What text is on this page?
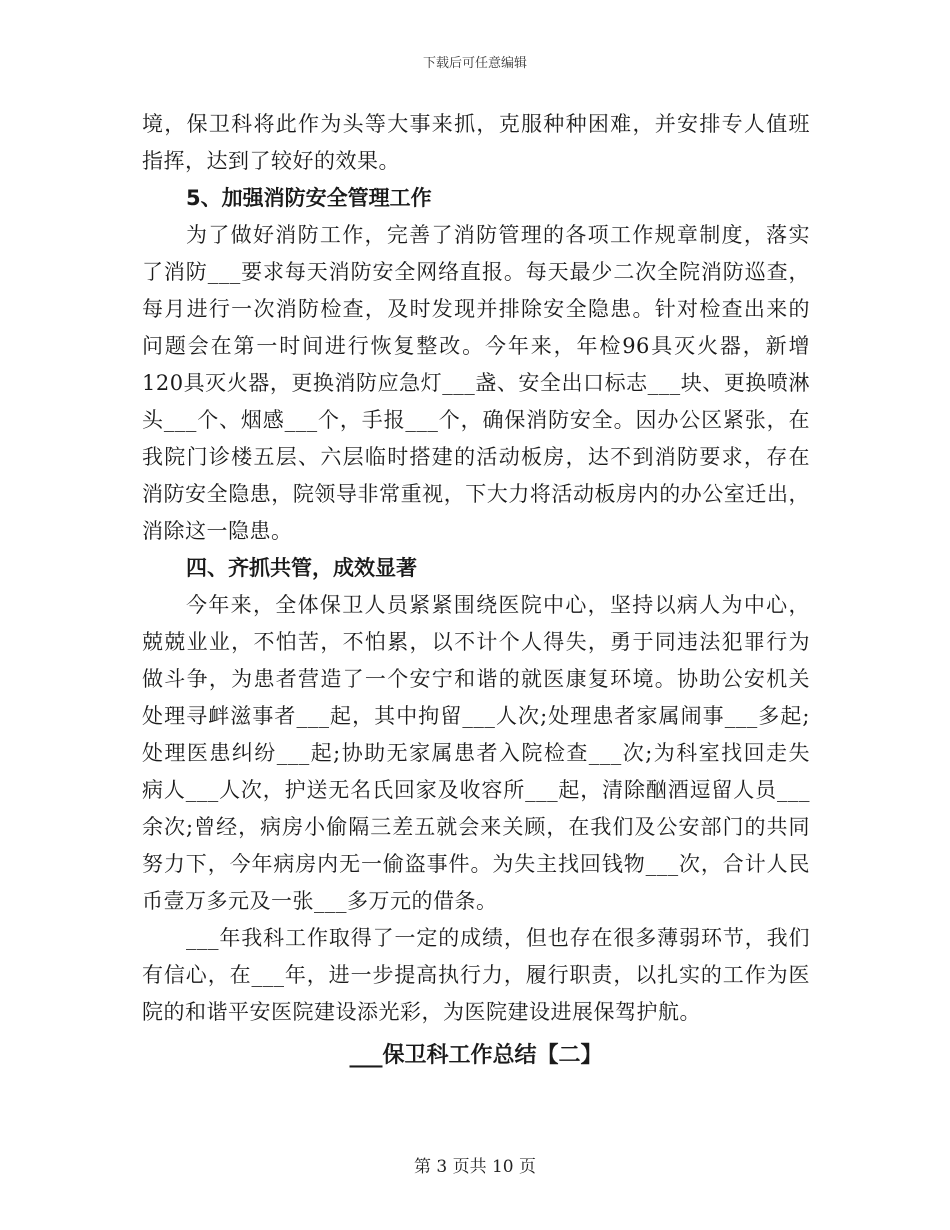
下载后可任意编辑
境，保卫科将此作为头等大事来抓，克服种种困难，并安排专人值班
指挥，达到了较好的效果。
5、加强消防安全管理工作
为了做好消防工作，完善了消防管理的各项工作规章制度，落实
了消防___要求每天消防安全网络直报。每天最少二次全院消防巡查，
每月进行一次消防检查，及时发现并排除安全隐患。针对检查出来的
问题会在第一时间进行恢复整改。今年来，年检96具灭火器，新增
120具灭火器，更换消防应急灯___盏、安全出口标志___块、更换喷淋
头___个、烟感___个，手报___个，确保消防安全。因办公区紧张，在
我院门诊楼五层、六层临时搭建的活动板房，达不到消防要求，存在
消防安全隐患，院领导非常重视，下大力将活动板房内的办公室迁出，
消除这一隐患。
四、齐抓共管，成效显著
今年来，全体保卫人员紧紧围绕医院中心，坚持以病人为中心，
兢兢业业，不怕苦，不怕累，以不计个人得失，勇于同违法犯罪行为
做斗争，为患者营造了一个安宁和谐的就医康复环境。协助公安机关
处理寻衅滋事者___起，其中拘留___人次;处理患者家属闹事___多起;
处理医患纠纷___起;协助无家属患者入院检查___次;为科室找回走失
病人___人次，护送无名氏回家及收容所___起，清除酗酒逗留人员___
余次;曾经，病房小偷隔三差五就会来关顾，在我们及公安部门的共同
努力下，今年病房内无一偷盗事件。为失主找回钱物___次，合计人民
币壹万多元及一张___多万元的借条。
___年我科工作取得了一定的成绩，但也存在很多薄弱环节，我们
有信心，在___年，进一步提高执行力，履行职责，以扎实的工作为医
院的和谐平安医院建设添光彩，为医院建设进展保驾护航。
___保卫科工作总结【二】
第 3 页共 10 页
